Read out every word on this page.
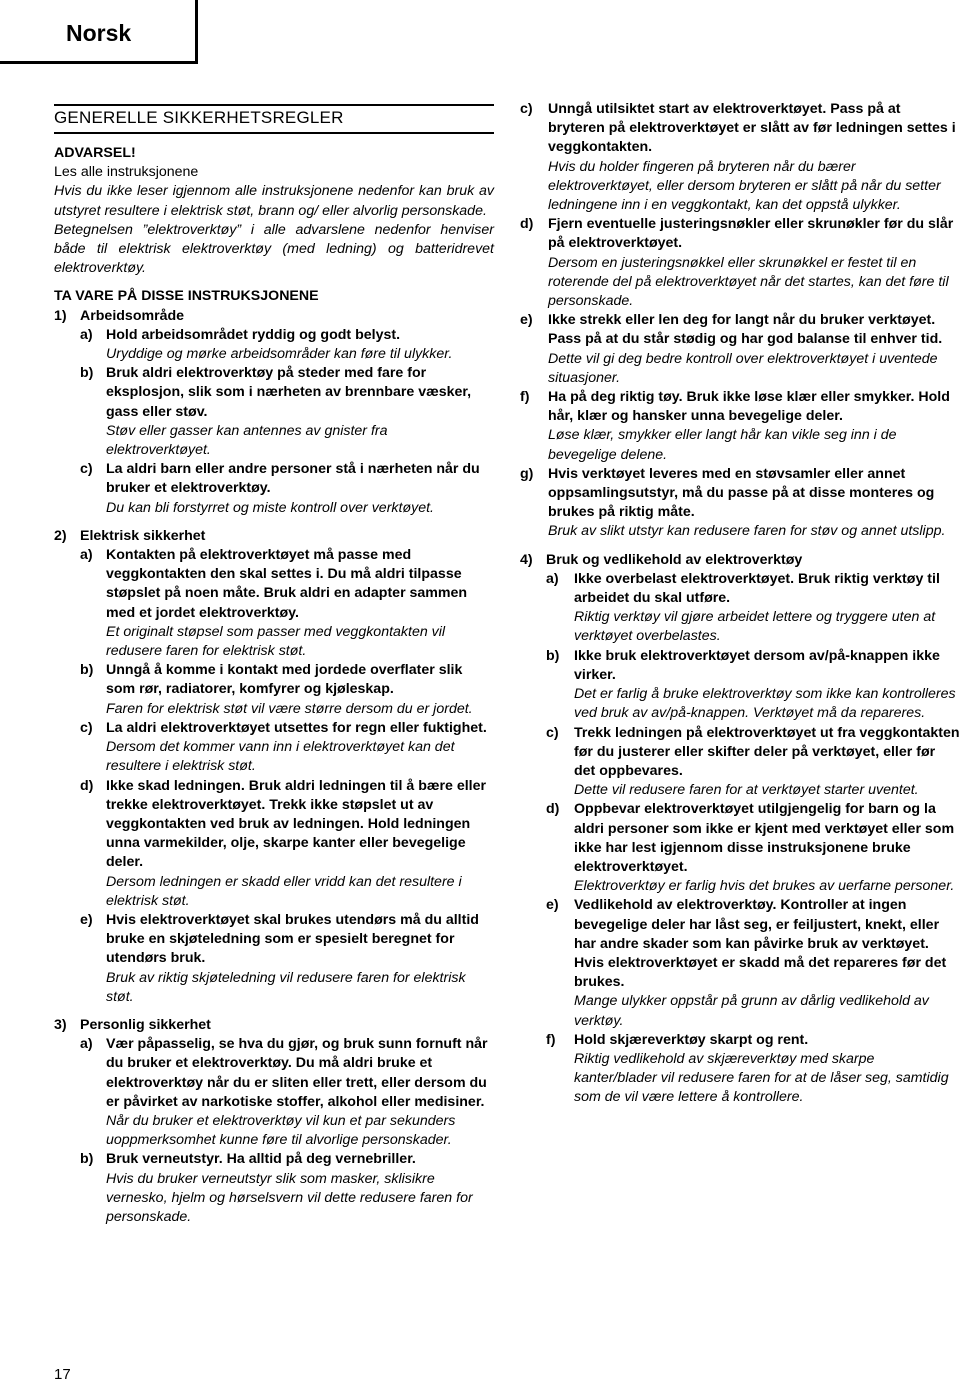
Norsk
GENERELLE SIKKERHETSREGLER
ADVARSEL!
Les alle instruksjonene
Hvis du ikke leser igjennom alle instruksjonene nedenfor kan bruk av utstyret resultere i elektrisk støt, brann og/ eller alvorlig personskade.
Betegnelsen ”elektroverktøy” i alle advarslene nedenfor henviser både til elektrisk elektroverktøy (med ledning) og batteridrevet elektroverktøy.
TA VARE PÅ DISSE INSTRUKSJONENE
1) Arbeidsområde
a) Hold arbeidsområdet ryddig og godt belyst.
Uryddige og mørke arbeidsområder kan føre til ulykker.
b) Bruk aldri elektroverktøy på steder med fare for eksplosjon, slik som i nærheten av brennbare væsker, gass eller støv.
Støv eller gasser kan antennes av gnister fra elektroverktøyet.
c) La aldri barn eller andre personer stå i nærheten når du bruker et elektroverktøy.
Du kan bli forstyrret og miste kontroll over verktøyet.
2) Elektrisk sikkerhet
a) Kontakten på elektroverktøyet må passe med veggkontakten den skal settes i. Du må aldri tilpasse støpslet på noen måte. Bruk aldri en adapter sammen med et jordet elektroverktøy.
Et originalt støpsel som passer med veggkontakten vil redusere faren for elektrisk støt.
b) Unngå å komme i kontakt med jordede overflater slik som rør, radiatorer, komfyrer og kjøleskap.
Faren for elektrisk støt vil være større dersom du er jordet.
c) La aldri elektroverktøyet utsettes for regn eller fuktighet.
Dersom det kommer vann inn i elektroverktøyet kan det resultere i elektrisk støt.
d) Ikke skad ledningen. Bruk aldri ledningen til å bære eller trekke elektroverktøyet. Trekk ikke støpslet ut av veggkontakten ved bruk av ledningen. Hold ledningen unna varmekilder, olje, skarpe kanter eller bevegelige deler.
Dersom ledningen er skadd eller vridd kan det resultere i elektrisk støt.
e) Hvis elektroverktøyet skal brukes utendørs må du alltid bruke en skjøteledning som er spesielt beregnet for utendørs bruk.
Bruk av riktig skjøteledning vil redusere faren for elektrisk støt.
3) Personlig sikkerhet
a) Vær påpasselig, se hva du gjør, og bruk sunn fornuft når du bruker et elektroverktøy. Du må aldri bruke et elektroverktøy når du er sliten eller trett, eller dersom du er påvirket av narkotiske stoffer, alkohol eller medisiner.
Når du bruker et elektroverktøy vil kun et par sekunders uoppmerksomhet kunne føre til alvorlige personskader.
b) Bruk verneutstyr. Ha alltid på deg vernebriller.
Hvis du bruker verneutstyr slik som masker, sklisikre vernesko, hjelm og hørselsvern vil dette redusere faren for personskade.
c)	Unngå utilsiktet start av elektroverktøyet. Pass på at bryteren på elektroverktøyet er slått av før ledningen settes i veggkontakten.
Hvis du holder fingeren på bryteren når du bærer elektroverktøyet, eller dersom bryteren er slått på når du setter ledningene inn i en veggkontakt, kan det oppstå ulykker.
d)	Fjern eventuelle justeringsnøkler eller skrunøkler før du slår på elektroverktøyet.
Dersom en justeringsnøkkel eller skrunøkkel er festet til en roterende del på elektroverktøyet når det startes, kan det føre til personskade.
e)	Ikke strekk eller len deg for langt når du bruker verktøyet. Pass på at du står stødig og har god balanse til enhver tid.
Dette vil gi deg bedre kontroll over elektroverktøyet i uventede situasjoner.
f)	Ha på deg riktig tøy. Bruk ikke løse klær eller smykker. Hold hår, klær og hansker unna bevegelige deler.
Løse klær, smykker eller langt hår kan vikle seg inn i de bevegelige delene.
g)	Hvis verktøyet leveres med en støvsamler eller annet oppsamlingsutstyr, må du passe på at disse monteres og brukes på riktig måte.
Bruk av slikt utstyr kan redusere faren for støv og annet utslipp.
4) Bruk og vedlikehold av elektroverktøy
a)	Ikke overbelast elektroverktøyet. Bruk riktig verktøy til arbeidet du skal utføre.
Riktig verktøy vil gjøre arbeidet lettere og tryggere uten at verktøyet overbelastes.
b)	Ikke bruk elektroverktøyet dersom av/på-knappen ikke virker.
Det er farlig å bruke elektroverktøy som ikke kan kontrolleres ved bruk av av/på-knappen. Verktøyet må da repareres.
c)	Trekk ledningen på elektroverktøyet ut fra veggkontakten før du justerer eller skifter deler på verktøyet, eller før det oppbevares.
Dette vil redusere faren for at verktøyet starter uventet.
d)	Oppbevar elektroverktøyet utilgjengelig for barn og la aldri personer som ikke er kjent med verktøyet eller som ikke har lest igjennom disse instruksjonene bruke elektroverktøyet.
Elektroverktøy er farlig hvis det brukes av uerfarne personer.
e)	Vedlikehold av elektroverktøy. Kontroller at ingen bevegelige deler har låst seg, er feiljustert, knekt, eller har andre skader som kan påvirke bruk av verktøyet. Hvis elektroverktøyet er skadd må det repareres før det brukes.
Mange ulykker oppstår på grunn av dårlig vedlikehold av verktøy.
f)	Hold skjæreverktøy skarpt og rent.
Riktig vedlikehold av skjæreverktøy med skarpe kanter/blader vil redusere faren for at de låser seg, samtidig som de vil være lettere å kontrollere.
17
